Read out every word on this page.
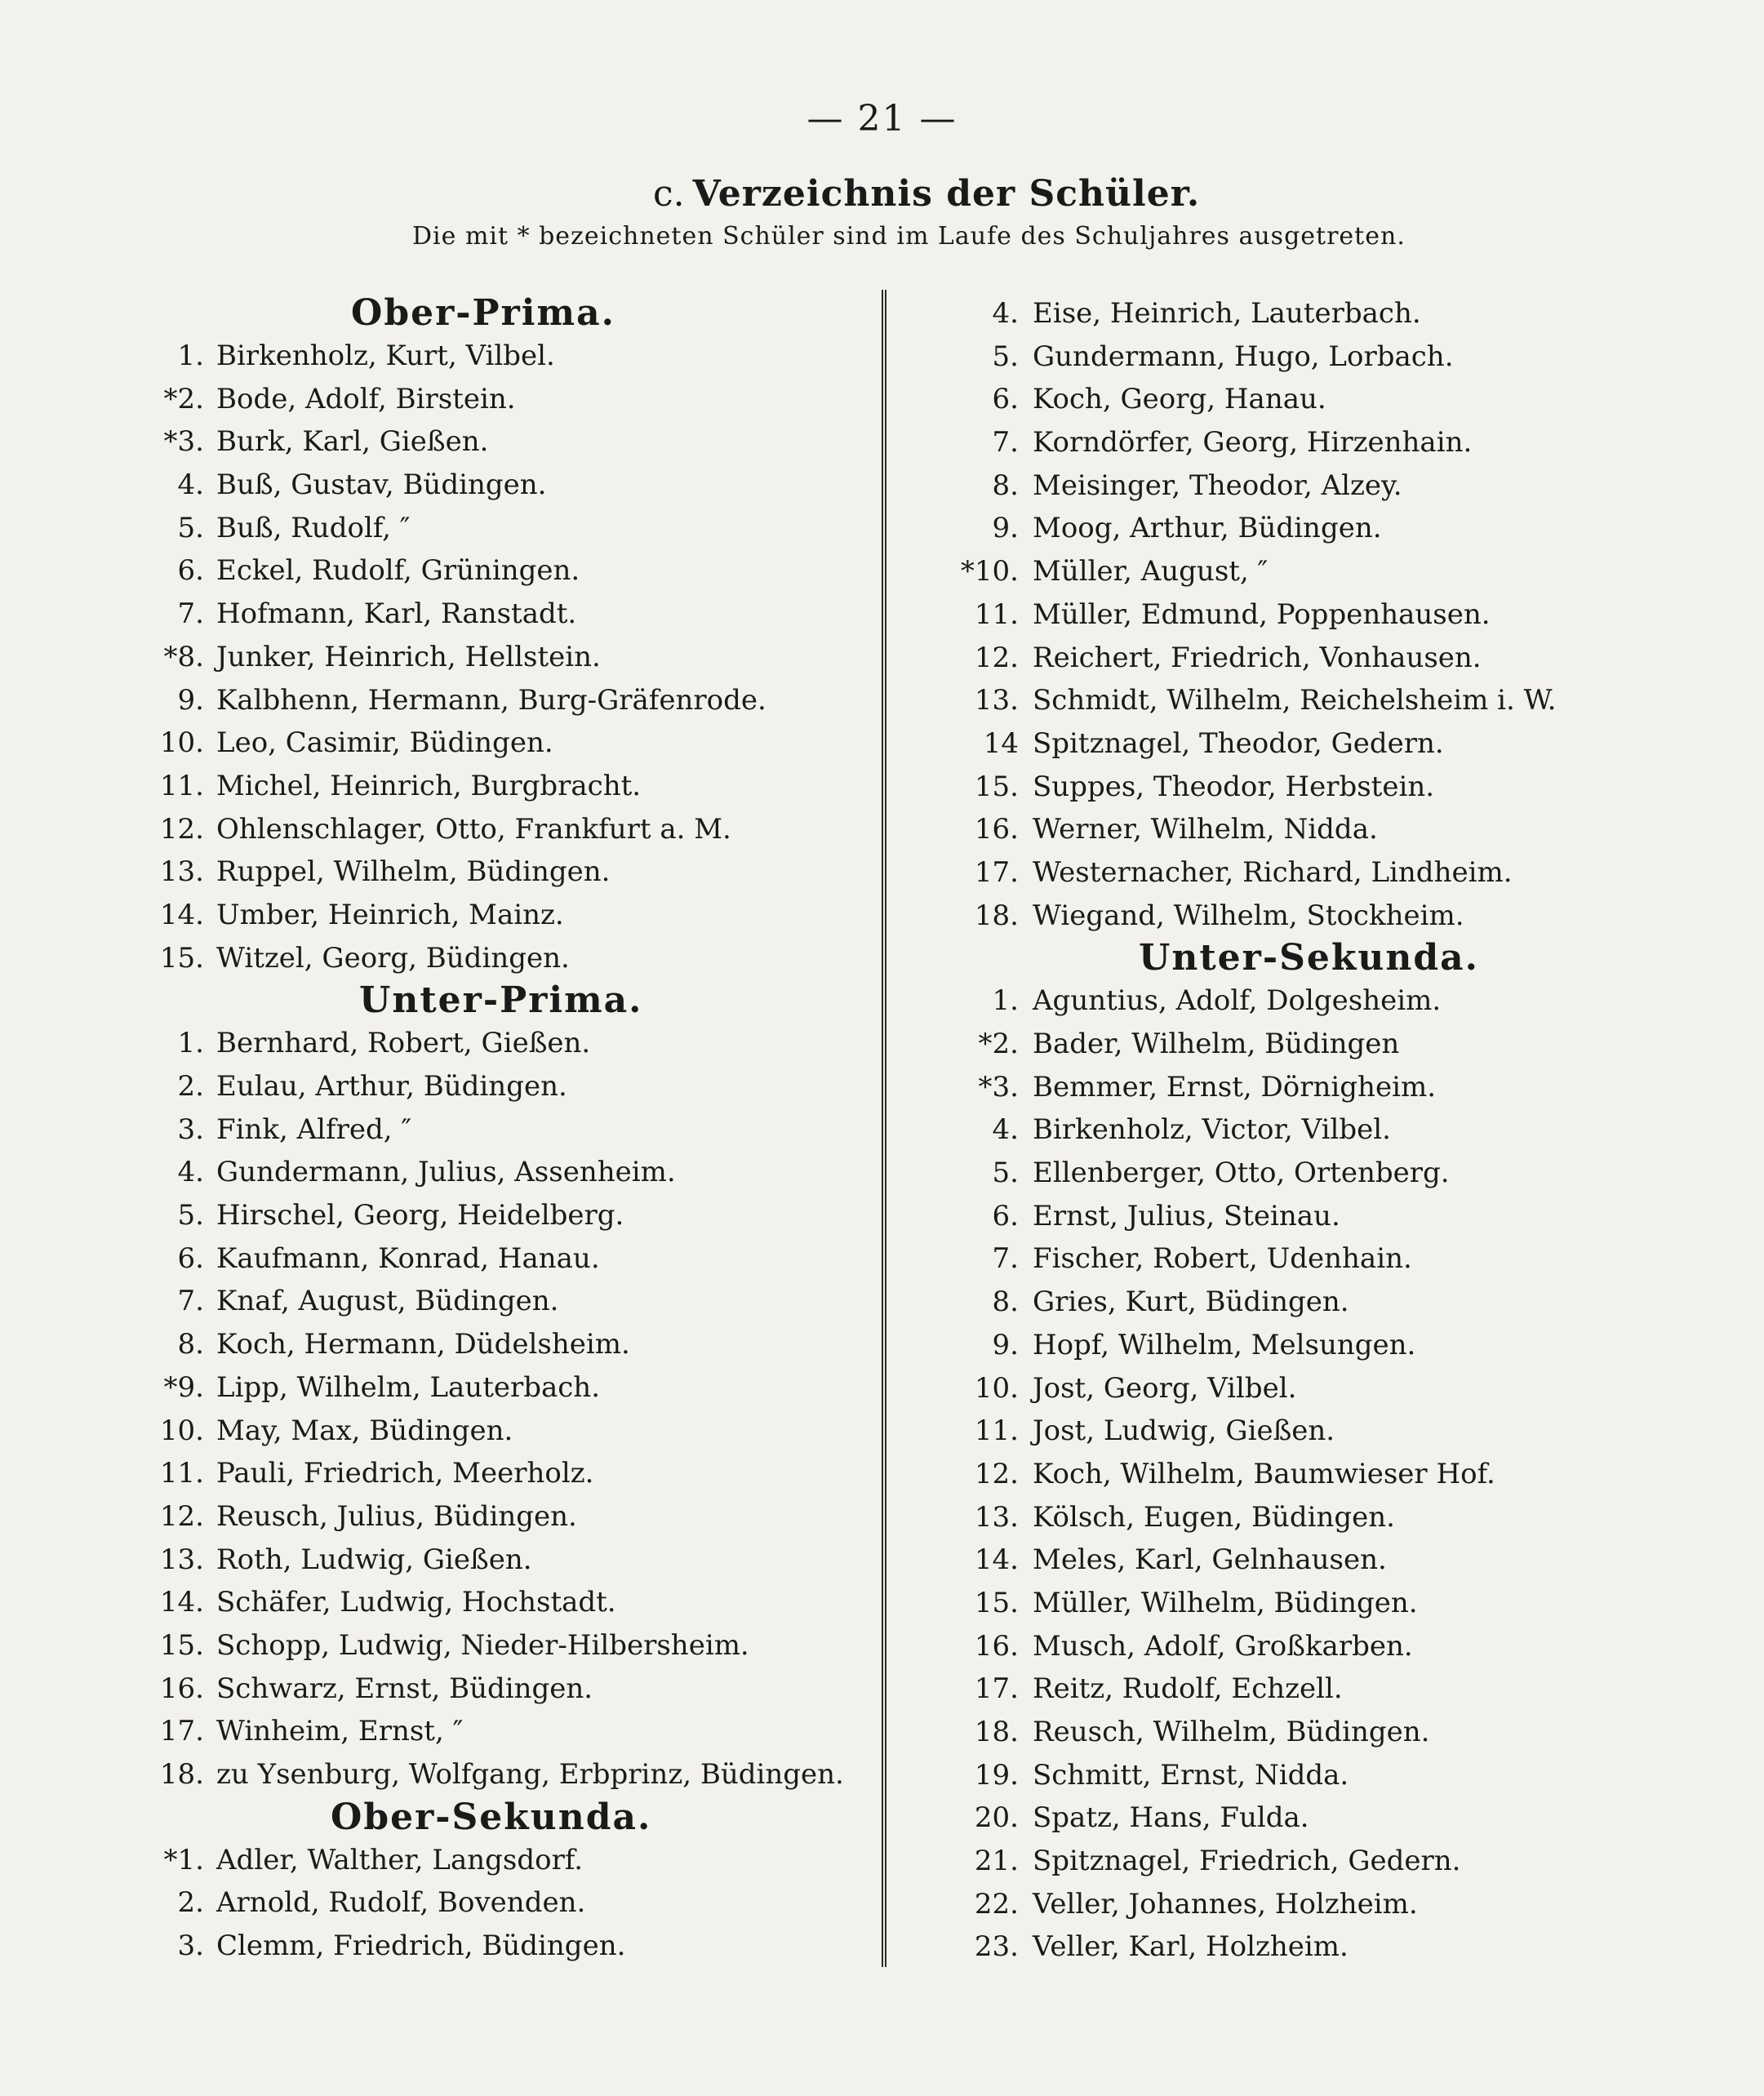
— 21 —
c. Verzeichnis der Schüler.
Die mit * bezeichneten Schüler sind im Laufe des Schuljahres ausgetreten.
Ober-Prima.
1. Birkenholz, Kurt, Vilbel.
*2. Bode, Adolf, Birstein.
*3. Burk, Karl, Gießen.
4. Buß, Gustav, Büdingen.
5. Buß, Rudolf, ″
6. Eckel, Rudolf, Grüningen.
7. Hofmann, Karl, Ranstadt.
*8. Junker, Heinrich, Hellstein.
9. Kalbhenn, Hermann, Burg-Gräfenrode.
10. Leo, Casimir, Büdingen.
11. Michel, Heinrich, Burgbracht.
12. Ohlenschlager, Otto, Frankfurt a. M.
13. Ruppel, Wilhelm, Büdingen.
14. Umber, Heinrich, Mainz.
15. Witzel, Georg, Büdingen.
Unter-Prima.
1. Bernhard, Robert, Gießen.
2. Eulau, Arthur, Büdingen.
3. Fink, Alfred, ″
4. Gundermann, Julius, Assenheim.
5. Hirschel, Georg, Heidelberg.
6. Kaufmann, Konrad, Hanau.
7. Knaf, August, Büdingen.
8. Koch, Hermann, Düdelsheim.
*9. Lipp, Wilhelm, Lauterbach.
10. May, Max, Büdingen.
11. Pauli, Friedrich, Meerholz.
12. Reusch, Julius, Büdingen.
13. Roth, Ludwig, Gießen.
14. Schäfer, Ludwig, Hochstadt.
15. Schopp, Ludwig, Nieder-Hilbersheim.
16. Schwarz, Ernst, Büdingen.
17. Winheim, Ernst, ″
18. zu Ysenburg, Wolfgang, Erbprinz, Büdingen.
Ober-Sekunda.
*1. Adler, Walther, Langsdorf.
2. Arnold, Rudolf, Bovenden.
3. Clemm, Friedrich, Büdingen.
4. Eise, Heinrich, Lauterbach.
5. Gundermann, Hugo, Lorbach.
6. Koch, Georg, Hanau.
7. Korndörfer, Georg, Hirzenhain.
8. Meisinger, Theodor, Alzey.
9. Moog, Arthur, Büdingen.
*10. Müller, August, ″
11. Müller, Edmund, Poppenhausen.
12. Reichert, Friedrich, Vonhausen.
13. Schmidt, Wilhelm, Reichelsheim i. W.
14 Spitznagel, Theodor, Gedern.
15. Suppes, Theodor, Herbstein.
16. Werner, Wilhelm, Nidda.
17. Westernacher, Richard, Lindheim.
18. Wiegand, Wilhelm, Stockheim.
Unter-Sekunda.
1. Aguntius, Adolf, Dolgesheim.
*2. Bader, Wilhelm, Büdingen
*3. Bemmer, Ernst, Dörnigheim.
4. Birkenholz, Victor, Vilbel.
5. Ellenberger, Otto, Ortenberg.
6. Ernst, Julius, Steinau.
7. Fischer, Robert, Udenhain.
8. Gries, Kurt, Büdingen.
9. Hopf, Wilhelm, Melsungen.
10. Jost, Georg, Vilbel.
11. Jost, Ludwig, Gießen.
12. Koch, Wilhelm, Baumwieser Hof.
13. Kölsch, Eugen, Büdingen.
14. Meles, Karl, Gelnhausen.
15. Müller, Wilhelm, Büdingen.
16. Musch, Adolf, Großkarben.
17. Reitz, Rudolf, Echzell.
18. Reusch, Wilhelm, Büdingen.
19. Schmitt, Ernst, Nidda.
20. Spatz, Hans, Fulda.
21. Spitznagel, Friedrich, Gedern.
22. Veller, Johannes, Holzheim.
23. Veller, Karl, Holzheim.
